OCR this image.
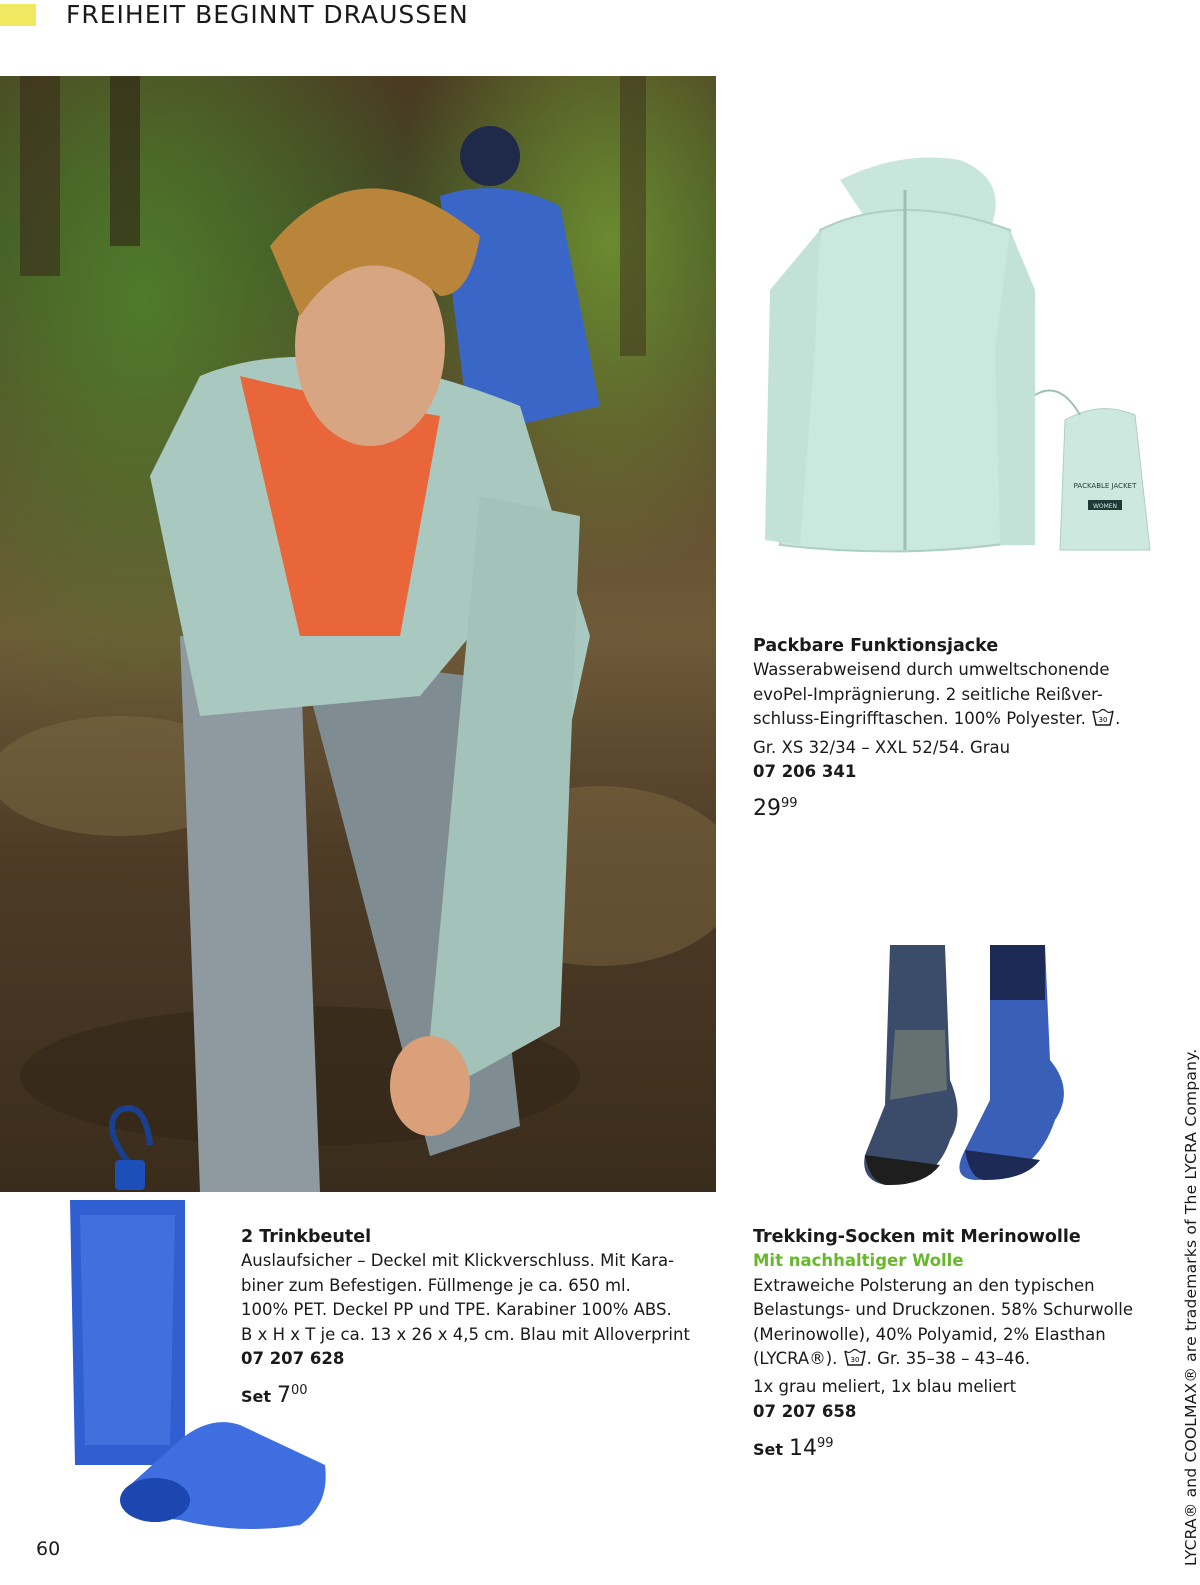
FREIHEIT BEGINNT DRAUSSEN
PACKABLE JACKET
WOMEN
Packbare Funktionsjacke
Wasserabweisend durch umweltschonende
evoPel-Imprägnierung. 2 seitliche Reißver-
schluss-Eingrifftaschen. 100% Polyester. 30 .
Gr. XS 32/34 – XXL 52/54. Grau
07 206 341
$29^{99}$
Trekking-Socken mit Merinowolle
Mit nachhaltiger Wolle
Extraweiche Polsterung an den typischen
Belastungs- und Druckzonen. 58% Schurwolle
(Merinowolle), 40% Polyamid, 2% Elasthan
(LYCRA®). 30 . Gr. 35–38 – 43–46.
1x grau meliert, 1x blau meliert
07 207 658
Set $14^{99}$
2 Trinkbeutel
Auslaufsicher – Deckel mit Klickverschluss. Mit Kara-
biner zum Befestigen. Füllmenge je ca. 650 ml.
100% PET. Deckel PP und TPE. Karabiner 100% ABS.
B x H x T je ca. 13 x 26 x 4,5 cm. Blau mit Alloverprint
07 207 628
Set $7^{00}$	LYCRA® and COOLMAX® are trademarks of The LYCRA Company.
60
